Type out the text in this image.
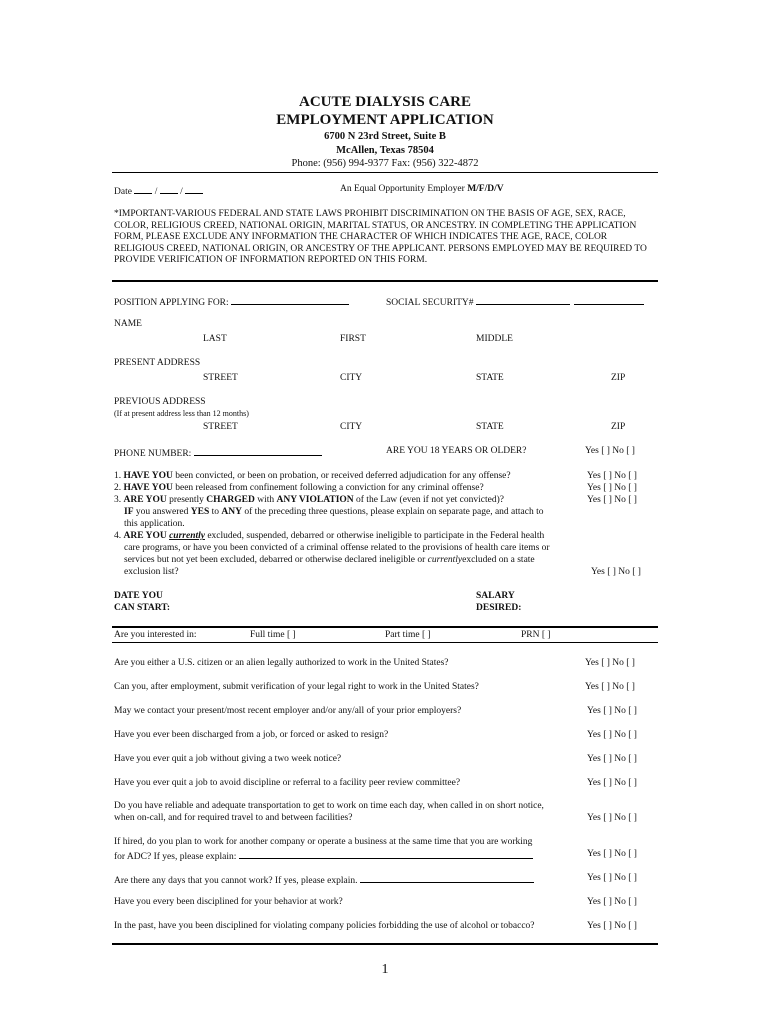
ACUTE DIALYSIS CARE
EMPLOYMENT APPLICATION
6700 N 23rd Street, Suite B
McAllen, Texas 78504
Phone: (956) 994-9377 Fax: (956) 322-4872
Date / /	An Equal Opportunity Employer M/F/D/V
*IMPORTANT-VARIOUS FEDERAL AND STATE LAWS PROHIBIT DISCRIMINATION ON THE BASIS OF AGE, SEX, RACE, COLOR, RELIGIOUS CREED, NATIONAL ORIGIN, MARITAL STATUS, OR ANCESTRY. IN COMPLETING THE APPLICATION FORM, PLEASE EXCLUDE ANY INFORMATION THE CHARACTER OF WHICH INDICATES THE AGE, RACE, COLOR RELIGIOUS CREED, NATIONAL ORIGIN, OR ANCESTRY OF THE APPLICANT. PERSONS EMPLOYED MAY BE REQUIRED TO PROVIDE VERIFICATION OF INFORMATION REPORTED ON THIS FORM.
POSITION APPLYING FOR:	SOCIAL SECURITY#
NAME
LAST	FIRST	MIDDLE
PRESENT ADDRESS
STREET	CITY	STATE	ZIP
PREVIOUS ADDRESS
(If at present address less than 12 months)
STREET	CITY	STATE	ZIP
PHONE NUMBER:	ARE YOU 18 YEARS OR OLDER?	Yes [ ] No [ ]
1. HAVE YOU been convicted, or been on probation, or received deferred adjudication for any offense?	Yes [ ] No [ ]
2. HAVE YOU been released from confinement following a conviction for any criminal offense?	Yes [ ] No [ ]
3. ARE YOU presently CHARGED with ANY VIOLATION of the Law (even if not yet convicted)?	Yes [ ] No [ ]
IF you answered YES to ANY of the preceding three questions, please explain on separate page, and attach to
this application.
4. ARE YOU currently excluded, suspended, debarred or otherwise ineligible to participate in the Federal health
care programs, or have you been convicted of a criminal offense related to the provisions of health care items or
services but not yet been excluded, debarred or otherwise declared ineligible or currentlyexcluded on a state
exclusion list?	Yes [ ] No [ ]
DATE YOU
CAN START:
SALARY
DESIRED:
Are you interested in:	Full time [ ]	Part time [ ]	PRN [ ]
Are you either a U.S. citizen or an alien legally authorized to work in the United States?	Yes [ ] No [ ]
Can you, after employment, submit verification of your legal right to work in the United States?	Yes [ ] No [ ]
May we contact your present/most recent employer and/or any/all of your prior employers?	Yes [ ] No [ ]
Have you ever been discharged from a job, or forced or asked to resign?	Yes [ ] No [ ]
Have you ever quit a job without giving a two week notice?	Yes [ ] No [ ]
Have you ever quit a job to avoid discipline or referral to a facility peer review committee?	Yes [ ] No [ ]
Do you have reliable and adequate transportation to get to work on time each day, when called in on short notice,
when on-call, and for required travel to and between facilities?	Yes [ ] No [ ]
If hired, do you plan to work for another company or operate a business at the same time that you are working
for ADC? If yes, please explain:	Yes [ ] No [ ]
Are there any days that you cannot work? If yes, please explain.	Yes [ ] No [ ]
Have you every been disciplined for your behavior at work?	Yes [ ] No [ ]
In the past, have you been disciplined for violating company policies forbidding the use of alcohol or tobacco?	Yes [ ] No [ ]
1
